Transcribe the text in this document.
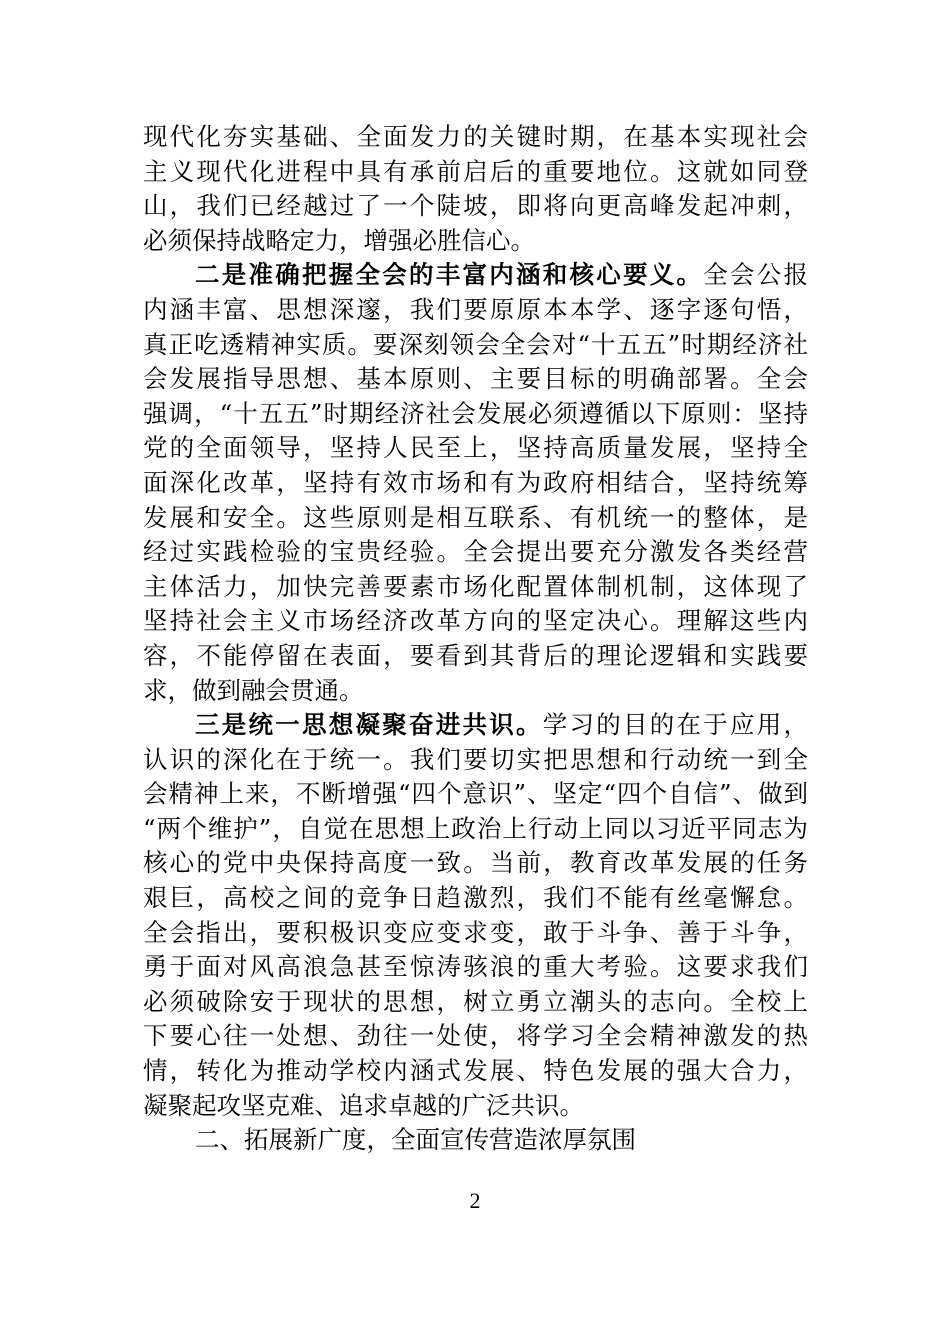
现代化夯实基础、全面发力的关键时期，在基本实现社会
主义现代化进程中具有承前启后的重要地位。这就如同登
山，我们已经越过了一个陡坡，即将向更高峰发起冲刺，
必须保持战略定力，增强必胜信心。
二是准确把握全会的丰富内涵和核心要义。全会公报
内涵丰富、思想深邃，我们要原原本本学、逐字逐句悟，
真正吃透精神实质。要深刻领会全会对“十五五”时期经济社
会发展指导思想、基本原则、主要目标的明确部署。全会
强调，“十五五”时期经济社会发展必须遵循以下原则：坚持
党的全面领导，坚持人民至上，坚持高质量发展，坚持全
面深化改革，坚持有效市场和有为政府相结合，坚持统筹
发展和安全。这些原则是相互联系、有机统一的整体，是
经过实践检验的宝贵经验。全会提出要充分激发各类经营
主体活力，加快完善要素市场化配置体制机制，这体现了
坚持社会主义市场经济改革方向的坚定决心。理解这些内
容，不能停留在表面，要看到其背后的理论逻辑和实践要
求，做到融会贯通。
三是统一思想凝聚奋进共识。学习的目的在于应用，
认识的深化在于统一。我们要切实把思想和行动统一到全
会精神上来，不断增强“四个意识”、坚定“四个自信”、做到
“两个维护”，自觉在思想上政治上行动上同以习近平同志为
核心的党中央保持高度一致。当前，教育改革发展的任务
艰巨，高校之间的竞争日趋激烈，我们不能有丝毫懈怠。
全会指出，要积极识变应变求变，敢于斗争、善于斗争，
勇于面对风高浪急甚至惊涛骇浪的重大考验。这要求我们
必须破除安于现状的思想，树立勇立潮头的志向。全校上
下要心往一处想、劲往一处使，将学习全会精神激发的热
情，转化为推动学校内涵式发展、特色发展的强大合力，
凝聚起攻坚克难、追求卓越的广泛共识。
二、拓展新广度，全面宣传营造浓厚氛围
2
